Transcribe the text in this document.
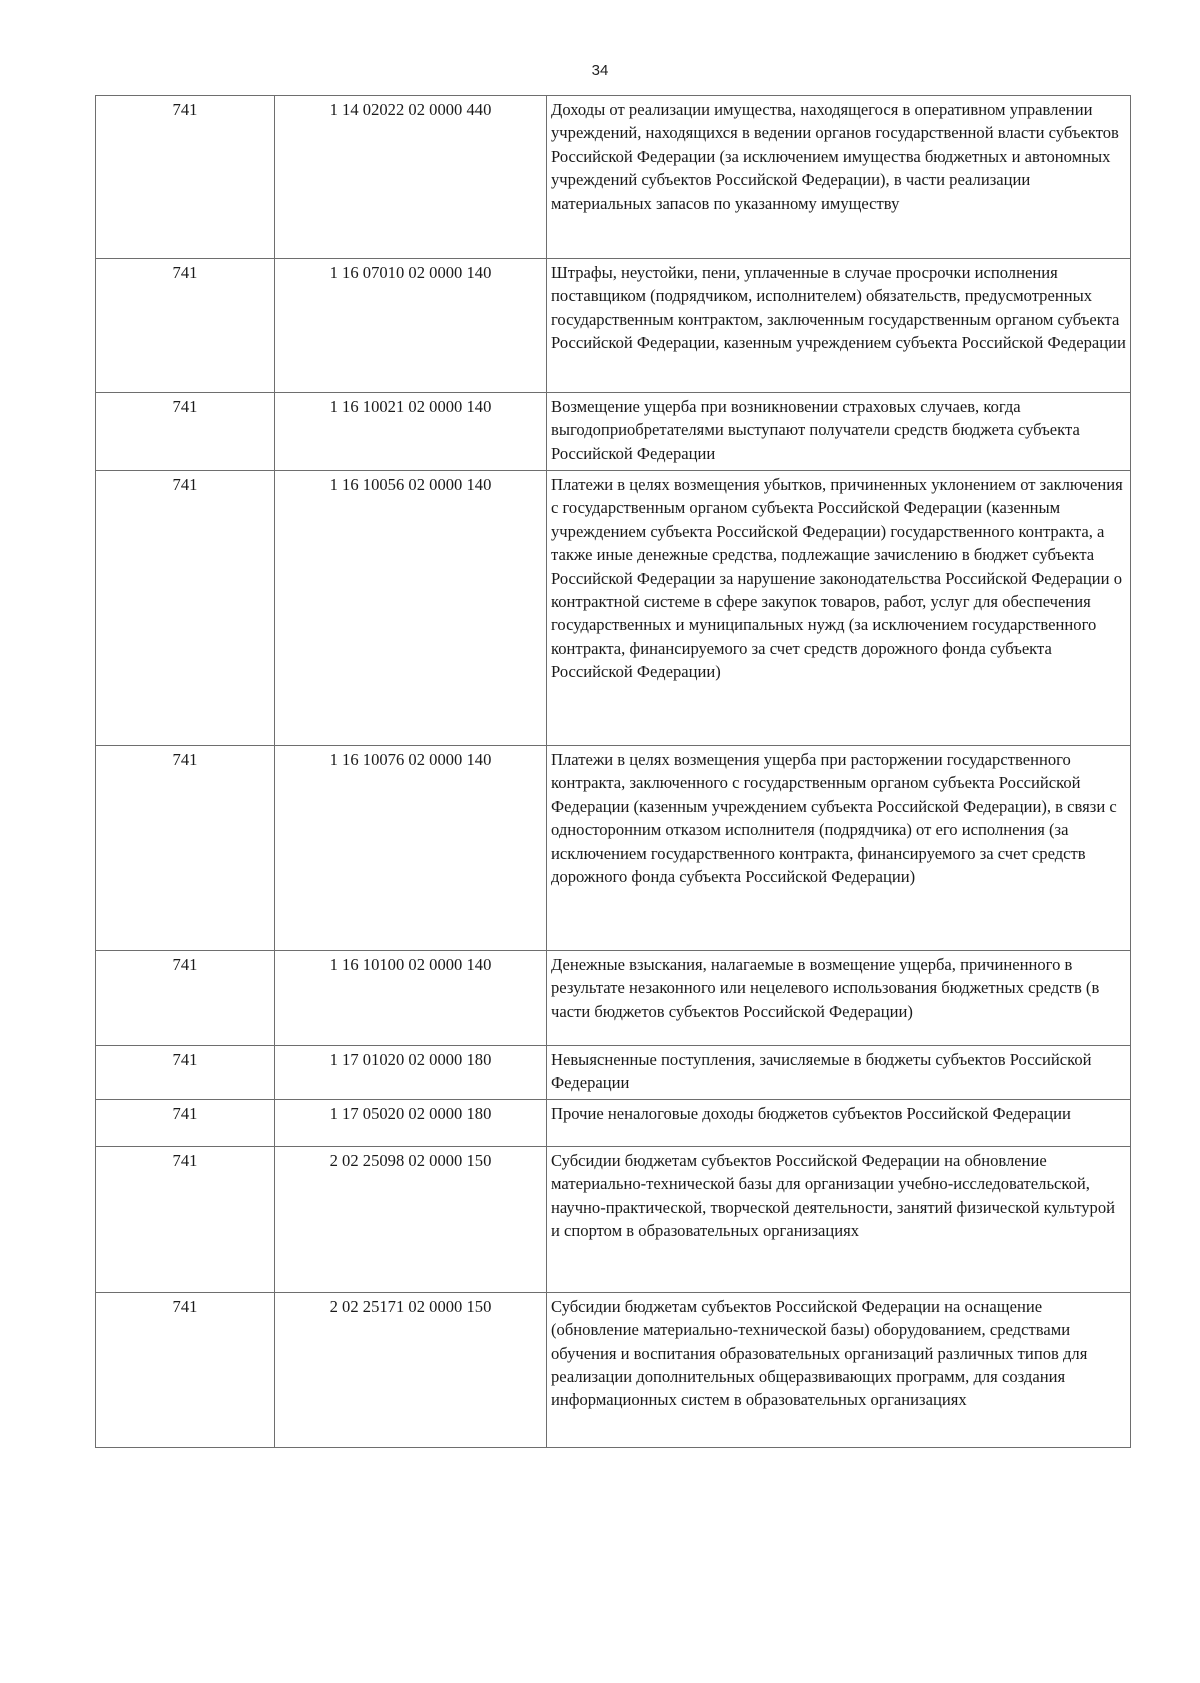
34
741	1 14 02022 02 0000 440	Доходы от реализации имущества, находящегося в оперативном управлении учреждений, находящихся в ведении органов государственной власти субъектов Российской Федерации (за исключением имущества бюджетных и автономных учреждений субъектов Российской Федерации), в части реализации материальных запасов по указанному имуществу
741	1 16 07010 02 0000 140	Штрафы, неустойки, пени, уплаченные в случае просрочки исполнения поставщиком (подрядчиком, исполнителем) обязательств, предусмотренных государственным контрактом, заключенным государственным органом субъекта Российской Федерации, казенным учреждением субъекта Российской Федерации
741	1 16 10021 02 0000 140	Возмещение ущерба при возникновении страховых случаев, когда выгодоприобретателями выступают получатели средств бюджета субъекта Российской Федерации
741	1 16 10056 02 0000 140	Платежи в целях возмещения убытков, причиненных уклонением от заключения с государственным органом субъекта Российской Федерации (казенным учреждением субъекта Российской Федерации) государственного контракта, а также иные денежные средства, подлежащие зачислению в бюджет субъекта Российской Федерации за нарушение законодательства Российской Федерации о контрактной системе в сфере закупок товаров, работ, услуг для обеспечения государственных и муниципальных нужд (за исключением государственного контракта, финансируемого за счет средств дорожного фонда субъекта Российской Федерации)
741	1 16 10076 02 0000 140	Платежи в целях возмещения ущерба при расторжении государственного контракта, заключенного с государственным органом субъекта Российской Федерации (казенным учреждением субъекта Российской Федерации), в связи с односторонним отказом исполнителя (подрядчика) от его исполнения (за исключением государственного контракта, финансируемого за счет средств дорожного фонда субъекта Российской Федерации)
741	1 16 10100 02 0000 140	Денежные взыскания, налагаемые в возмещение ущерба, причиненного в результате незаконного или нецелевого использования бюджетных средств (в части бюджетов субъектов Российской Федерации)
741	1 17 01020 02 0000 180	Невыясненные поступления, зачисляемые в бюджеты субъектов Российской Федерации
741	1 17 05020 02 0000 180	Прочие неналоговые доходы бюджетов субъектов Российской Федерации
741	2 02 25098 02 0000 150	Субсидии бюджетам субъектов Российской Федерации на обновление материально-технической базы для организации учебно-исследовательской, научно-практической, творческой деятельности, занятий физической культурой и спортом в образовательных организациях
741	2 02 25171 02 0000 150	Субсидии бюджетам субъектов Российской Федерации на оснащение (обновление материально-технической базы) оборудованием, средствами обучения и воспитания образовательных организаций различных типов для реализации дополнительных общеразвивающих программ, для создания информационных систем в образовательных организациях
